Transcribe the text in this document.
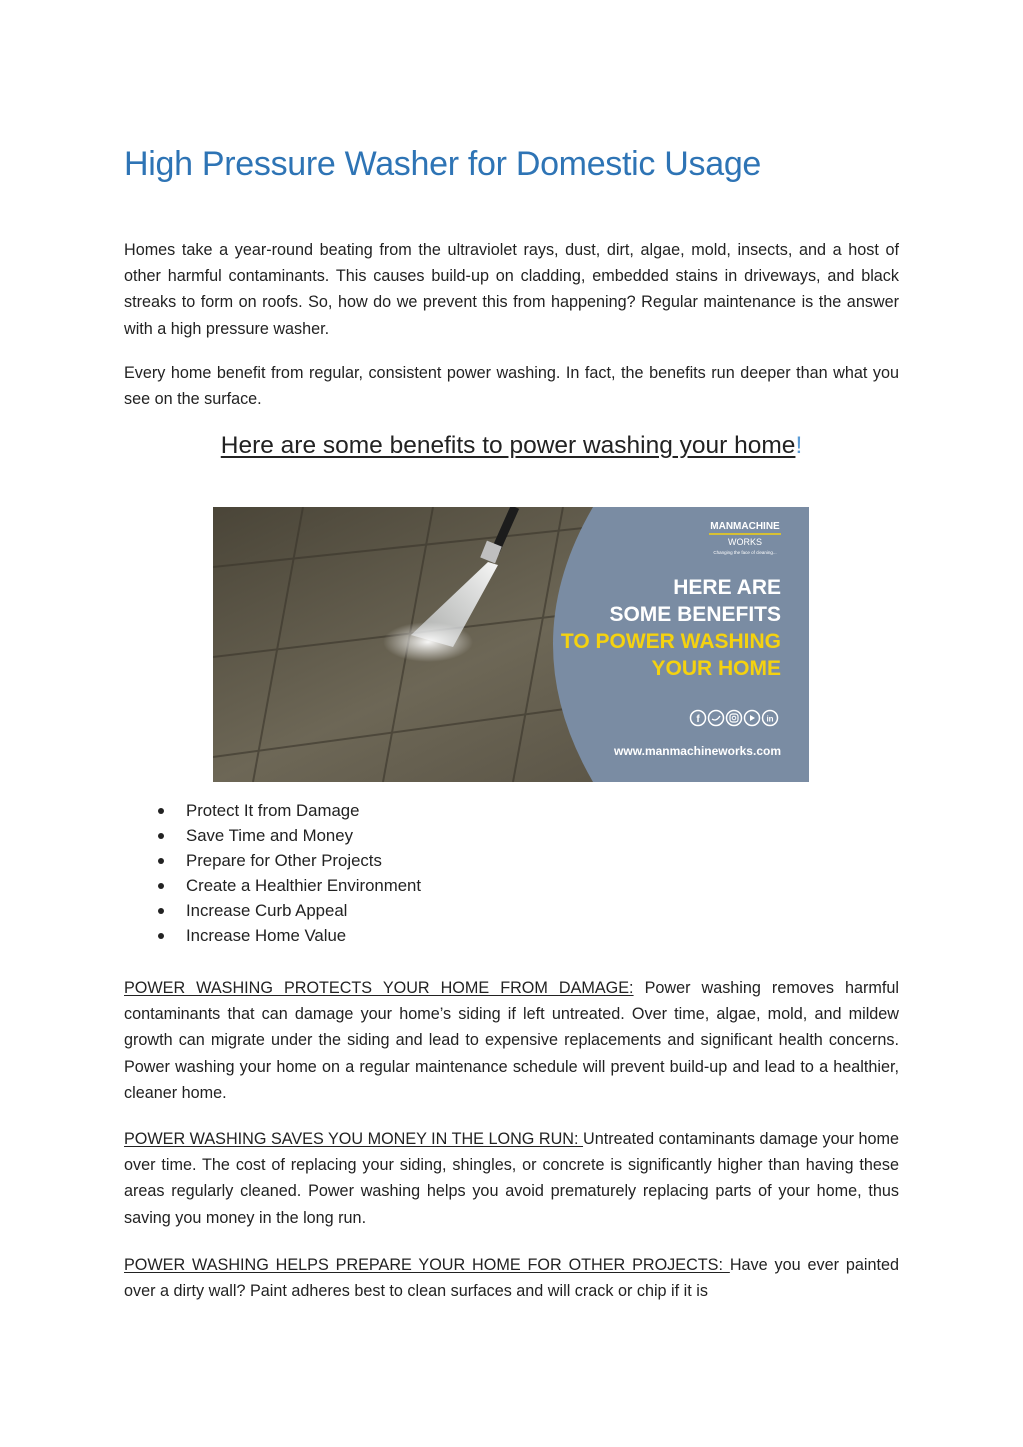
High Pressure Washer for Domestic Usage

Homes take a year-round beating from the ultraviolet rays, dust, dirt, algae, mold, insects, and a host of other harmful contaminants. This causes build-up on cladding, embedded stains in driveways, and black streaks to form on roofs. So, how do we prevent this from happening? Regular maintenance is the answer with a high pressure washer.

Every home benefit from regular, consistent power washing. In fact, the benefits run deeper than what you see on the surface.

Here are some benefits to power washing your home!
MANMACHINE
WORKS
Changing the face of cleaning...
HERE ARE
SOME BENEFITS
TO POWER WASHING
YOUR HOME
f	in
www.manmachineworks.com
Protect It from Damage
Save Time and Money
Prepare for Other Projects
Create a Healthier Environment
Increase Curb Appeal
Increase Home Value

POWER WASHING PROTECTS YOUR HOME FROM DAMAGE: Power washing removes harmful contaminants that can damage your home’s siding if left untreated. Over time, algae, mold, and mildew growth can migrate under the siding and lead to expensive replacements and significant health concerns. Power washing your home on a regular maintenance schedule will prevent build-up and lead to a healthier, cleaner home.

POWER WASHING SAVES YOU MONEY IN THE LONG RUN: Untreated contaminants damage your home over time. The cost of replacing your siding, shingles, or concrete is significantly higher than having these areas regularly cleaned. Power washing helps you avoid prematurely replacing parts of your home, thus saving you money in the long run.

POWER WASHING HELPS PREPARE YOUR HOME FOR OTHER PROJECTS: Have you ever painted over a dirty wall? Paint adheres best to clean surfaces and will crack or chip if it is
